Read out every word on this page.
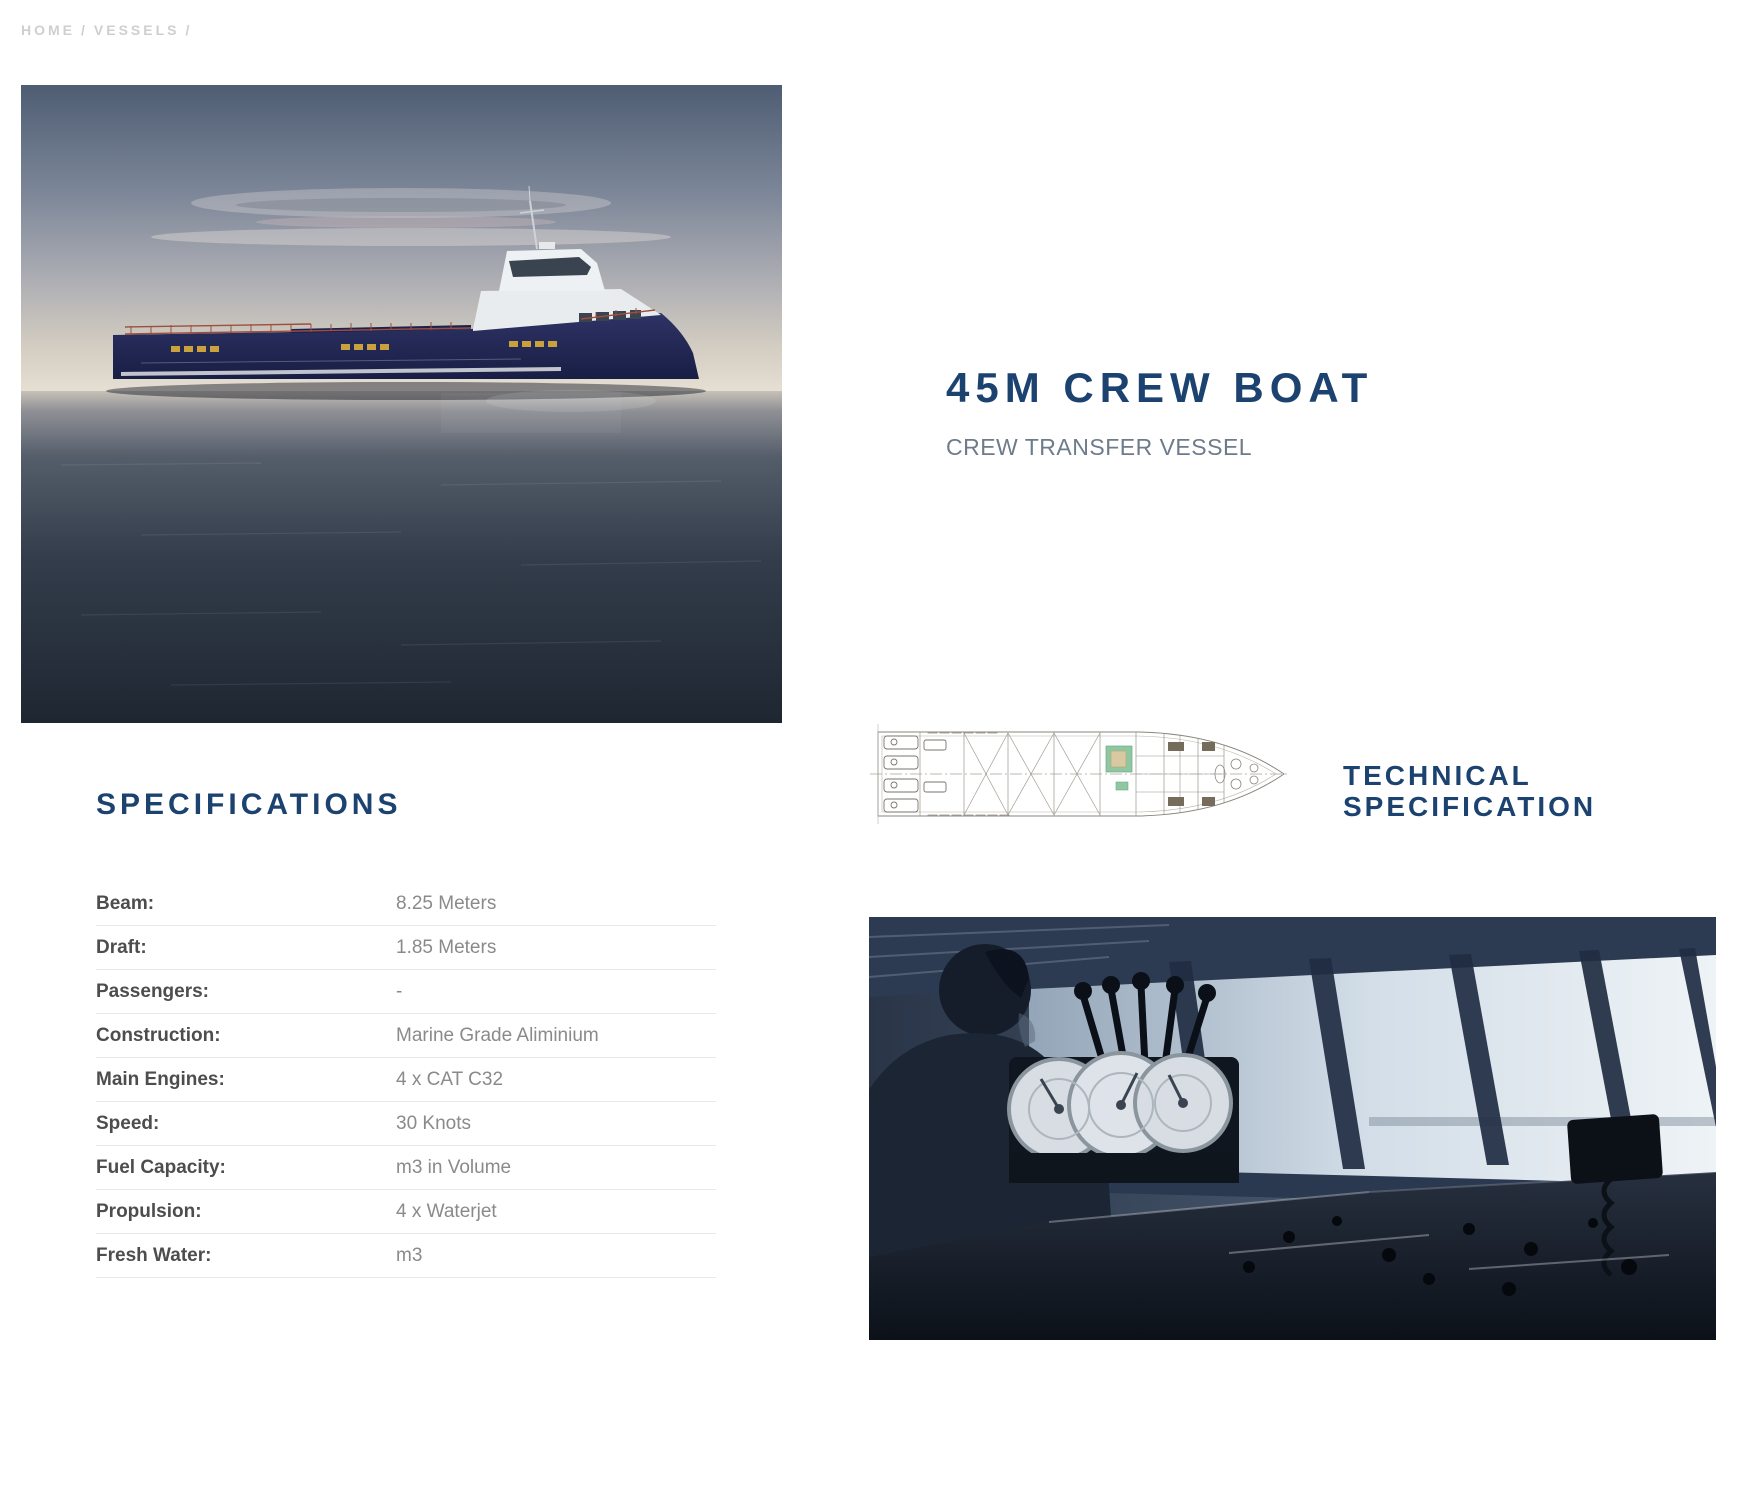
HOME / VESSELS /
45M CREW BOAT
CREW TRANSFER VESSEL
TECHNICAL
SPECIFICATION
SPECIFICATIONS
Beam:	8.25 Meters
Draft:	1.85 Meters
Passengers:	-
Construction:	Marine Grade Aliminium
Main Engines:	4 x CAT C32
Speed:	30 Knots
Fuel Capacity:	m3 in Volume
Propulsion:	4 x Waterjet
Fresh Water:	m3
